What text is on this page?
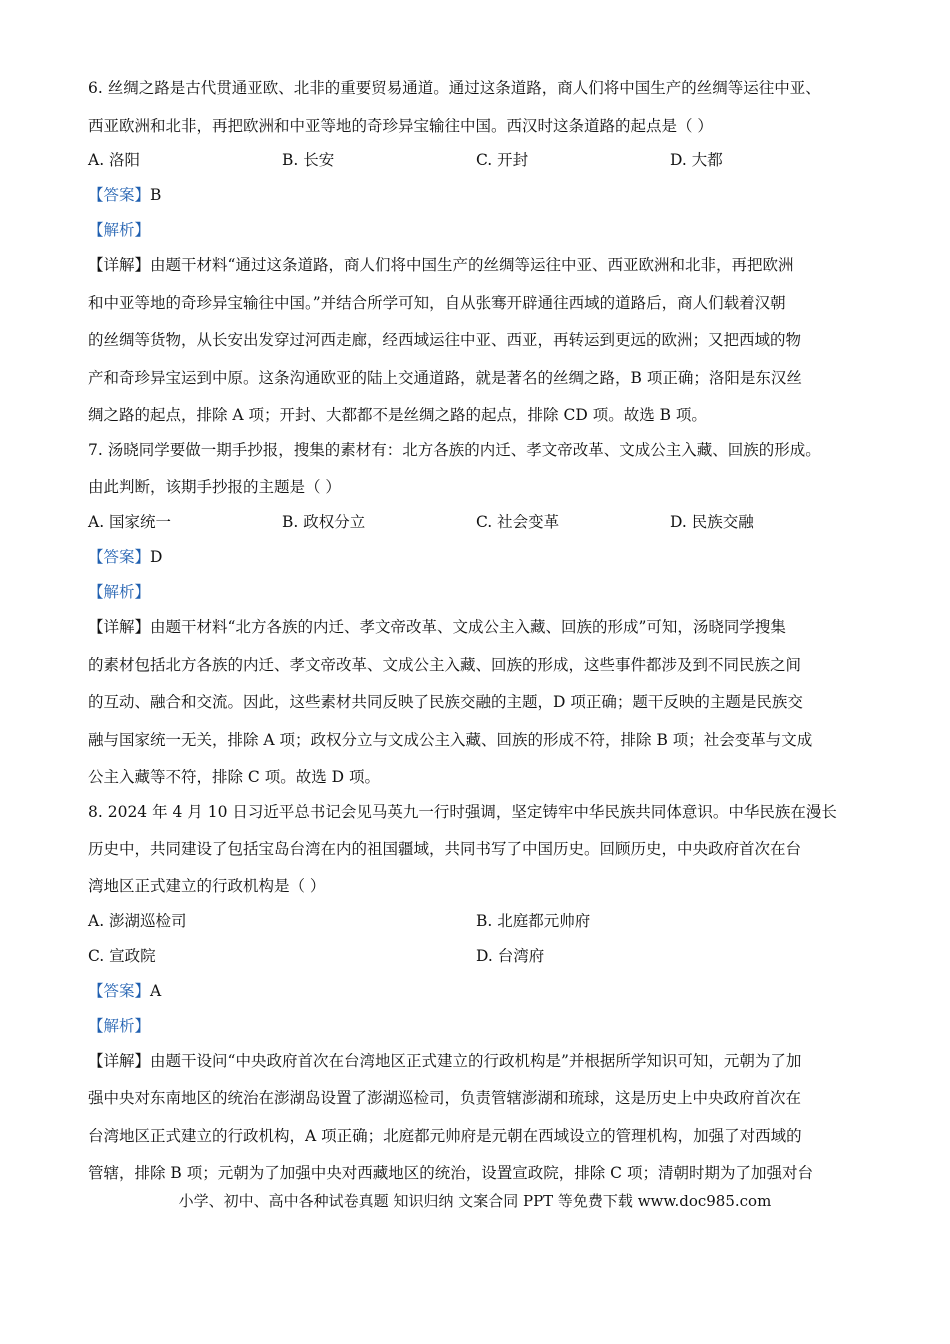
6. 丝绸之路是古代贯通亚欧、北非的重要贸易通道。通过这条道路，商人们将中国生产的丝绸等运往中亚、
西亚欧洲和北非，再把欧洲和中亚等地的奇珍异宝输往中国。西汉时这条道路的起点是（ ）
A. 洛阳	B. 长安	C. 开封	D. 大都
【答案】B
【解析】
【详解】由题干材料“通过这条道路，商人们将中国生产的丝绸等运往中亚、西亚欧洲和北非，再把欧洲
和中亚等地的奇珍异宝输往中国。”并结合所学可知，自从张骞开辟通往西域的道路后，商人们载着汉朝
的丝绸等货物，从长安出发穿过河西走廊，经西域运往中亚、西亚，再转运到更远的欧洲；又把西域的物
产和奇珍异宝运到中原。这条沟通欧亚的陆上交通道路，就是著名的丝绸之路，B 项正确；洛阳是东汉丝
绸之路的起点，排除 A 项；开封、大都都不是丝绸之路的起点，排除 CD 项。故选 B 项。
7. 汤晓同学要做一期手抄报，搜集的素材有：北方各族的内迁、孝文帝改革、文成公主入藏、回族的形成。
由此判断，该期手抄报的主题是（ ）
A. 国家统一	B. 政权分立	C. 社会变革	D. 民族交融
【答案】D
【解析】
【详解】由题干材料“北方各族的内迁、孝文帝改革、文成公主入藏、回族的形成”可知，汤晓同学搜集
的素材包括北方各族的内迁、孝文帝改革、文成公主入藏、回族的形成，这些事件都涉及到不同民族之间
的互动、融合和交流。因此，这些素材共同反映了民族交融的主题，D 项正确；题干反映的主题是民族交
融与国家统一无关，排除 A 项；政权分立与文成公主入藏、回族的形成不符，排除 B 项；社会变革与文成
公主入藏等不符，排除 C 项。故选 D 项。
8. 2024 年 4 月 10 日习近平总书记会见马英九一行时强调，坚定铸牢中华民族共同体意识。中华民族在漫长
历史中，共同建设了包括宝岛台湾在内的祖国疆域，共同书写了中国历史。回顾历史，中央政府首次在台
湾地区正式建立的行政机构是（ ）
A. 澎湖巡检司	B. 北庭都元帅府
C. 宣政院	D. 台湾府
【答案】A
【解析】
【详解】由题干设问“中央政府首次在台湾地区正式建立的行政机构是”并根据所学知识可知，元朝为了加
强中央对东南地区的统治在澎湖岛设置了澎湖巡检司，负责管辖澎湖和琉球，这是历史上中央政府首次在
台湾地区正式建立的行政机构，A 项正确；北庭都元帅府是元朝在西域设立的管理机构，加强了对西域的
管辖，排除 B 项；元朝为了加强中央对西藏地区的统治，设置宣政院，排除 C 项；清朝时期为了加强对台
小学、初中、高中各种试卷真题 知识归纳 文案合同 PPT 等免费下载 www.doc985.com
